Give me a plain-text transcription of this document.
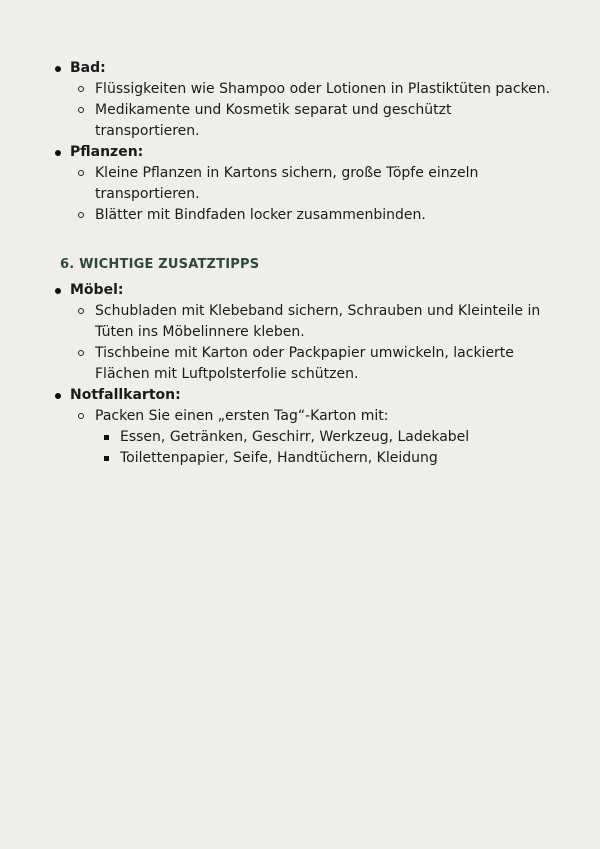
Bad:
Flüssigkeiten wie Shampoo oder Lotionen in Plastiktüten packen.
Medikamente und Kosmetik separat und geschützt transportieren.
Pflanzen:
Kleine Pflanzen in Kartons sichern, große Töpfe einzeln transportieren.
Blätter mit Bindfaden locker zusammenbinden.
6. WICHTIGE ZUSATZTIPPS
Möbel:
Schubladen mit Klebeband sichern, Schrauben und Kleinteile in Tüten ins Möbelinnere kleben.
Tischbeine mit Karton oder Packpapier umwickeln, lackierte Flächen mit Luftpolsterfolie schützen.
Notfallkarton:
Packen Sie einen „ersten Tag“-Karton mit:
Essen, Getränken, Geschirr, Werkzeug, Ladekabel
Toilettenpapier, Seife, Handtüchern, Kleidung
